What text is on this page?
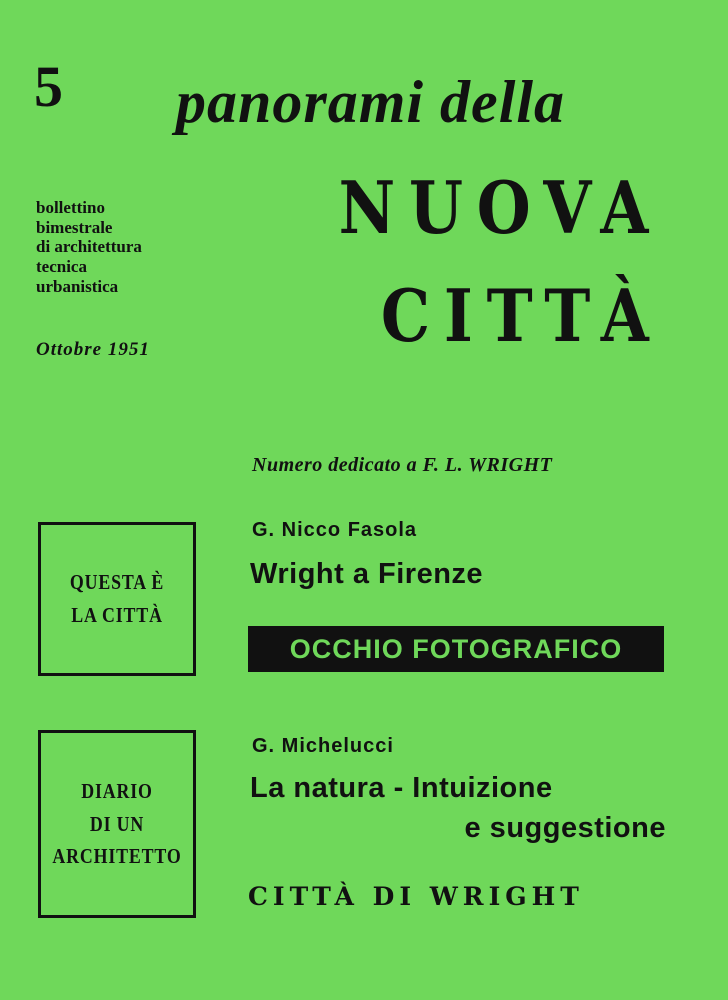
5 panorami della
NUOVA
CITTÀ
bollettino
bimestrale
di architettura
tecnica
urbanistica
Ottobre 1951
Numero dedicato a F. L. WRIGHT
QUESTA È
LA CITTÀ
DIARIO
DI UN
ARCHITETTO
G. Nicco Fasola
Wright a Firenze
OCCHIO FOTOGRAFICO
G. Michelucci
La natura - Intuizione
e suggestione
CITTÀ DI WRIGHT
